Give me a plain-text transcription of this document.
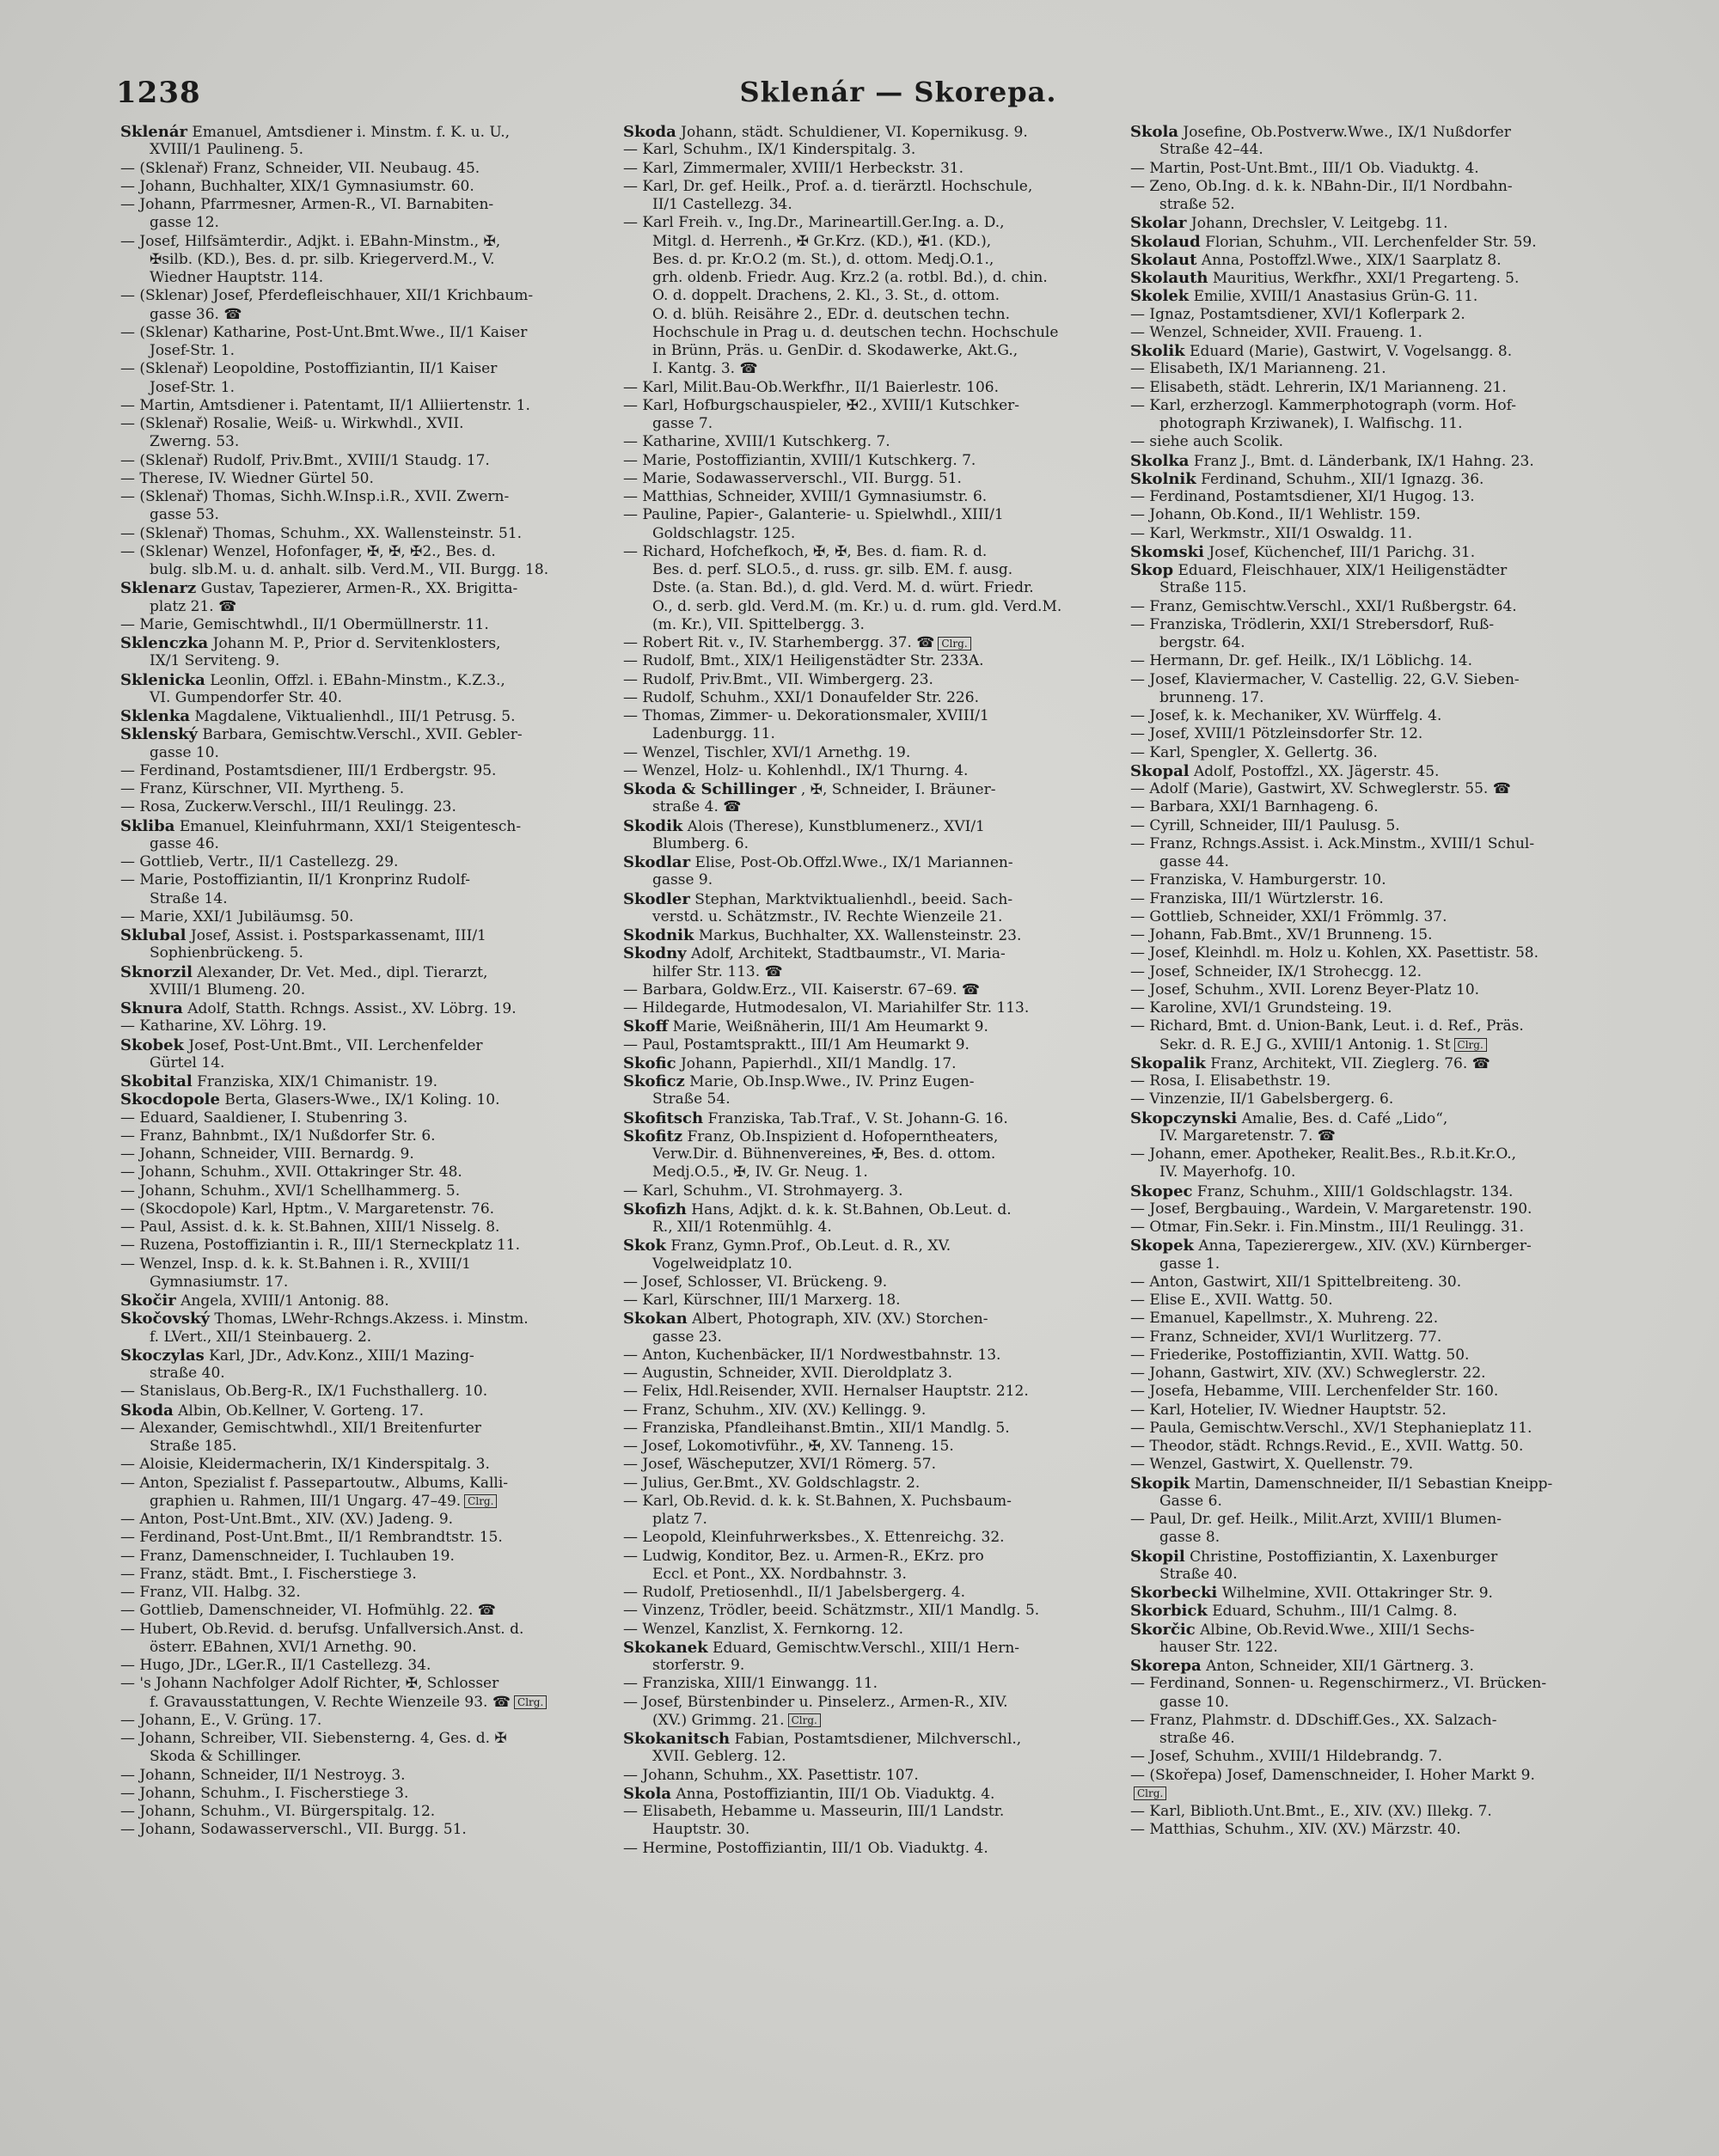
1238	Sklenár — Skorepa.
Sklenár Emanuel, Amtsdiener i. Minstm. f. K. u. U.,
XVIII/1 Paulineng. 5.
— (Sklenař) Franz, Schneider, VII. Neubaug. 45.
— Johann, Buchhalter, XIX/1 Gymnasiumstr. 60.
— Johann, Pfarrmesner, Armen-R., VI. Barnabiten-
gasse 12.
— Josef, Hilfsämterdir., Adjkt. i. EBahn-Minstm., ✠,
✠silb. (KD.), Bes. d. pr. silb. Kriegerverd.M., V.
Wiedner Hauptstr. 114.
— (Sklenar) Josef, Pferdefleischhauer, XII/1 Krichbaum-
gasse 36. ☎
— (Sklenar) Katharine, Post-Unt.Bmt.Wwe., II/1 Kaiser
Josef-Str. 1.
— (Sklenař) Leopoldine, Postoffiziantin, II/1 Kaiser
Josef-Str. 1.
— Martin, Amtsdiener i. Patentamt, II/1 Alliiertenstr. 1.
— (Sklenař) Rosalie, Weiß- u. Wirkwhdl., XVII.
Zwerng. 53.
— (Sklenař) Rudolf, Priv.Bmt., XVIII/1 Staudg. 17.
— Therese, IV. Wiedner Gürtel 50.
— (Sklenař) Thomas, Sichh.W.Insp.i.R., XVII. Zwern-
gasse 53.
— (Sklenař) Thomas, Schuhm., XX. Wallensteinstr. 51.
— (Sklenar) Wenzel, Hofonfager, ✠, ✠, ✠2., Bes. d.
bulg. slb.M. u. d. anhalt. silb. Verd.M., VII. Burgg. 18.
Sklenarz Gustav, Tapezierer, Armen-R., XX. Brigitta-
platz 21. ☎
— Marie, Gemischtwhdl., II/1 Obermüllnerstr. 11.
Sklenczka Johann M. P., Prior d. Servitenklosters,
IX/1 Servitеng. 9.
Sklenicka Leonlin, Offzl. i. EBahn-Minstm., K.Z.3.,
VI. Gumpendorfer Str. 40.
Sklenka Magdalene, Viktualienhdl., III/1 Petrusg. 5.
Sklenský Barbara, Gemischtw.Verschl., XVII. Gebler-
gasse 10.
— Ferdinand, Postamtsdiener, III/1 Erdbergstr. 95.
— Franz, Kürschner, VII. Myrtheng. 5.
— Rosa, Zuckerw.Verschl., III/1 Reulingg. 23.
Skliba Emanuel, Kleinfuhrmann, XXI/1 Steigentesch-
gasse 46.
— Gottlieb, Vertr., II/1 Castellezg. 29.
— Marie, Postoffiziantin, II/1 Kronprinz Rudolf-
Straße 14.
— Marie, XXI/1 Jubiläumsg. 50.
Sklubal Josef, Assist. i. Postsparkassenamt, III/1
Sophienbrückeng. 5.
Sknorzil Alexander, Dr. Vet. Med., dipl. Tierarzt,
XVIII/1 Blumeng. 20.
Sknura Adolf, Statth. Rchngs. Assist., XV. Löbrg. 19.
— Katharine, XV. Löhrg. 19.
Skobek Josef, Post-Unt.Bmt., VII. Lerchenfelder
Gürtel 14.
Skobital Franziska, XIX/1 Chimanistr. 19.
Skocdopole Berta, Glasers-Wwe., IX/1 Koling. 10.
— Eduard, Saaldiener, I. Stubenring 3.
— Franz, Bahnbmt., IX/1 Nußdorfer Str. 6.
— Johann, Schneider, VIII. Bernardg. 9.
— Johann, Schuhm., XVII. Ottakringer Str. 48.
— Johann, Schuhm., XVI/1 Schellhammerg. 5.
— (Skocdopole) Karl, Hptm., V. Margaretenstr. 76.
— Paul, Assist. d. k. k. St.Bahnen, XIII/1 Nisselg. 8.
— Ruzena, Postoffiziantin i. R., III/1 Sterneckplatz 11.
— Wenzel, Insp. d. k. k. St.Bahnen i. R., XVIII/1
Gymnasiumstr. 17.
Skočir Angela, XVIII/1 Antonig. 88.
Skočovský Thomas, LWehr-Rchngs.Akzess. i. Minstm.
f. LVert., XII/1 Steinbauerg. 2.
Skoczylas Karl, JDr., Adv.Konz., XIII/1 Mazing-
straße 40.
— Stanislaus, Ob.Berg-R., IX/1 Fuchsthallerg. 10.
Skoda Albin, Ob.Kellner, V. Gorteng. 17.
— Alexander, Gemischtwhdl., XII/1 Breitenfurter
Straße 185.
— Aloisie, Kleidermacherin, IX/1 Kinderspitalg. 3.
— Anton, Spezialist f. Passepartoutw., Albums, Kalli-
graphien u. Rahmen, III/1 Ungarg. 47–49. Clrg.
— Anton, Post-Unt.Bmt., XIV. (XV.) Jadeng. 9.
— Ferdinand, Post-Unt.Bmt., II/1 Rembrandtstr. 15.
— Franz, Damenschneider, I. Tuchlauben 19.
— Franz, städt. Bmt., I. Fischerstiege 3.
— Franz, VII. Halbg. 32.
— Gottlieb, Damenschneider, VI. Hofmühlg. 22. ☎
— Hubert, Ob.Revid. d. berufsg. Unfallversich.Anst. d.
österr. EBahnen, XVI/1 Arnethg. 90.
— Hugo, JDr., LGer.R., II/1 Castellezg. 34.
— 's Johann Nachfolger Adolf Richter, ✠, Schlosser
f. Gravausstattungen, V. Rechte Wienzeile 93. ☎ Clrg.
— Johann, E., V. Grüng. 17.
— Johann, Schreiber, VII. Siebensterng. 4, Ges. d. ✠
Skoda & Schillinger.
— Johann, Schneider, II/1 Nestroyg. 3.
— Johann, Schuhm., I. Fischerstiege 3.
— Johann, Schuhm., VI. Bürgerspitalg. 12.
— Johann, Sodawasserverschl., VII. Burgg. 51.
Skoda Johann, städt. Schuldiener, VI. Kopernikusg. 9.
— Karl, Schuhm., IX/1 Kinderspitalg. 3.
— Karl, Zimmermaler, XVIII/1 Herbeckstr. 31.
— Karl, Dr. gef. Heilk., Prof. a. d. tierärztl. Hochschule,
II/1 Castellezg. 34.
— Karl Freih. v., Ing.Dr., Marineartill.Ger.Ing. a. D.,
Mitgl. d. Herrenh., ✠ Gr.Krz. (KD.), ✠1. (KD.),
Bes. d. pr. Kr.O.2 (m. St.), d. ottom. Medj.O.1.,
grh. oldenb. Friedr. Aug. Krz.2 (a. rotbl. Bd.), d. chin.
O. d. doppelt. Drachens, 2. Kl., 3. St., d. ottom.
O. d. blüh. Reisähre 2., EDr. d. deutschen techn.
Hochschule in Prag u. d. deutschen techn. Hochschule
in Brünn, Präs. u. GenDir. d. Skodawerke, Akt.G.,
I. Kantg. 3. ☎
— Karl, Milit.Bau-Ob.Werkfhr., II/1 Baierlestr. 106.
— Karl, Hofburgschauspieler, ✠2., XVIII/1 Kutschker-
gasse 7.
— Katharine, XVIII/1 Kutschkerg. 7.
— Marie, Postoffiziantin, XVIII/1 Kutschkerg. 7.
— Marie, Sodawasserverschl., VII. Burgg. 51.
— Matthias, Schneider, XVIII/1 Gymnasiumstr. 6.
— Pauline, Papier-, Galanterie- u. Spielwhdl., XIII/1
Goldschlagstr. 125.
— Richard, Hofchefkoch, ✠, ✠, Bes. d. fiam. R. d.
Bes. d. perf. SLO.5., d. russ. gr. silb. EM. f. ausg.
Dste. (a. Stan. Bd.), d. gld. Verd. M. d. würt. Friedr.
O., d. serb. gld. Verd.M. (m. Kr.) u. d. rum. gld. Verd.M.
(m. Kr.), VII. Spittelbergg. 3.
— Robert Rit. v., IV. Starhembergg. 37. ☎ Clrg.
— Rudolf, Bmt., XIX/1 Heiligenstädter Str. 233A.
— Rudolf, Priv.Bmt., VII. Wimbergerg. 23.
— Rudolf, Schuhm., XXI/1 Donaufelder Str. 226.
— Thomas, Zimmer- u. Dekorationsmaler, XVIII/1
Ladenburgg. 11.
— Wenzel, Tischler, XVI/1 Arnethg. 19.
— Wenzel, Holz- u. Kohlenhdl., IX/1 Thurng. 4.
Skoda & Schillinger , ✠, Schneider, I. Bräuner-
straße 4. ☎
Skodik Alois (Therese), Kunstblumenerz., XVI/1
Blumberg. 6.
Skodlar Elise, Post-Ob.Offzl.Wwe., IX/1 Mariannen-
gasse 9.
Skodler Stephan, Marktviktualienhdl., beeid. Sach-
verstd. u. Schätzmstr., IV. Rechte Wienzeile 21.
Skodnik Markus, Buchhalter, XX. Wallensteinstr. 23.
Skodny Adolf, Architekt, Stadtbaumstr., VI. Maria-
hilfer Str. 113. ☎
— Barbara, Goldw.Erz., VII. Kaiserstr. 67–69. ☎
— Hildegarde, Hutmodesalon, VI. Mariahilfer Str. 113.
Skoff Marie, Weißnäherin, III/1 Am Heumarkt 9.
— Paul, Postamtspraktt., III/1 Am Heumarkt 9.
Skofic Johann, Papierhdl., XII/1 Mandlg. 17.
Skoficz Marie, Ob.Insp.Wwe., IV. Prinz Eugen-
Straße 54.
Skofitsch Franziska, Tab.Traf., V. St. Johann-G. 16.
Skofitz Franz, Ob.Inspizient d. Hofoperntheaters,
Verw.Dir. d. Bühnenvereines, ✠, Bes. d. ottom.
Medj.O.5., ✠, IV. Gr. Neug. 1.
— Karl, Schuhm., VI. Strohmayerg. 3.
Skofizh Hans, Adjkt. d. k. k. St.Bahnen, Ob.Leut. d.
R., XII/1 Rotenmühlg. 4.
Skok Franz, Gymn.Prof., Ob.Leut. d. R., XV.
Vogelweidplatz 10.
— Josef, Schlosser, VI. Brückeng. 9.
— Karl, Kürschner, III/1 Marxerg. 18.
Skokan Albert, Photograph, XIV. (XV.) Storchen-
gasse 23.
— Anton, Kuchenbäcker, II/1 Nordwestbahnstr. 13.
— Augustin, Schneider, XVII. Dieroldplatz 3.
— Felix, Hdl.Reisender, XVII. Hernalser Hauptstr. 212.
— Franz, Schuhm., XIV. (XV.) Kellingg. 9.
— Franziska, Pfandleihanst.Bmtin., XII/1 Mandlg. 5.
— Josef, Lokomotivführ., ✠, XV. Tanneng. 15.
— Josef, Wäscheputzer, XVI/1 Römerg. 57.
— Julius, Ger.Bmt., XV. Goldschlagstr. 2.
— Karl, Ob.Revid. d. k. k. St.Bahnen, X. Puchsbaum-
platz 7.
— Leopold, Kleinfuhrwerksbes., X. Ettenreichg. 32.
— Ludwig, Konditor, Bez. u. Armen-R., EKrz. pro
Eccl. et Pont., XX. Nordbahnstr. 3.
— Rudolf, Pretiosenhdl., II/1 Jabelsbergerg. 4.
— Vinzenz, Trödler, beeid. Schätzmstr., XII/1 Mandlg. 5.
— Wenzel, Kanzlist, X. Fernkorng. 12.
Skokanek Eduard, Gemischtw.Verschl., XIII/1 Hern-
storferstr. 9.
— Franziska, XIII/1 Einwangg. 11.
— Josef, Bürstenbinder u. Pinselerz., Armen-R., XIV.
(XV.) Grimmg. 21. Clrg.
Skokanitsch Fabian, Postamtsdiener, Milchverschl.,
XVII. Geblerg. 12.
— Johann, Schuhm., XX. Pasettistr. 107.
Skola Anna, Postoffiziantin, III/1 Ob. Viaduktg. 4.
— Elisabeth, Hebamme u. Masseurin, III/1 Landstr.
Hauptstr. 30.
— Hermine, Postoffiziantin, III/1 Ob. Viaduktg. 4.
Skola Josefine, Ob.Postverw.Wwe., IX/1 Nußdorfer
Straße 42–44.
— Martin, Post-Unt.Bmt., III/1 Ob. Viaduktg. 4.
— Zeno, Ob.Ing. d. k. k. NBahn-Dir., II/1 Nordbahn-
straße 52.
Skolar Johann, Drechsler, V. Leitgebg. 11.
Skolaud Florian, Schuhm., VII. Lerchenfelder Str. 59.
Skolaut Anna, Postoffzl.Wwe., XIX/1 Saarplatz 8.
Skolauth Mauritius, Werkfhr., XXI/1 Pregarteng. 5.
Skolek Emilie, XVIII/1 Anastasius Grün-G. 11.
— Ignaz, Postamtsdiener, XVI/1 Koflerpark 2.
— Wenzel, Schneider, XVII. Fraueng. 1.
Skolik Eduard (Marie), Gastwirt, V. Vogelsangg. 8.
— Elisabeth, IX/1 Marianneng. 21.
— Elisabeth, städt. Lehrerin, IX/1 Marianneng. 21.
— Karl, erzherzogl. Kammerphotograph (vorm. Hof-
photograph Krziwanek), I. Walfischg. 11.
— siehe auch Scolik.
Skolka Franz J., Bmt. d. Länderbank, IX/1 Hahng. 23.
Skolnik Ferdinand, Schuhm., XII/1 Ignazg. 36.
— Ferdinand, Postamtsdiener, XI/1 Hugog. 13.
— Johann, Ob.Kond., II/1 Wehlistr. 159.
— Karl, Werkmstr., XII/1 Oswaldg. 11.
Skomski Josef, Küchenchef, III/1 Parichg. 31.
Skop Eduard, Fleischhauer, XIX/1 Heiligenstädter
Straße 115.
— Franz, Gemischtw.Verschl., XXI/1 Rußbergstr. 64.
— Franziska, Trödlerin, XXI/1 Strebersdorf, Ruß-
bergstr. 64.
— Hermann, Dr. gef. Heilk., IX/1 Löblichg. 14.
— Josef, Klaviermacher, V. Castellig. 22, G.V. Sieben-
brunneng. 17.
— Josef, k. k. Mechaniker, XV. Würffelg. 4.
— Josef, XVIII/1 Pötzleinsdorfer Str. 12.
— Karl, Spengler, X. Gellertg. 36.
Skopal Adolf, Postoffzl., XX. Jägerstr. 45.
— Adolf (Marie), Gastwirt, XV. Schweglerstr. 55. ☎
— Barbara, XXI/1 Barnhageng. 6.
— Cyrill, Schneider, III/1 Paulusg. 5.
— Franz, Rchngs.Assist. i. Ack.Minstm., XVIII/1 Schul-
gasse 44.
— Franziska, V. Hamburgerstr. 10.
— Franziska, III/1 Würtzlerstr. 16.
— Gottlieb, Schneider, XXI/1 Frömmlg. 37.
— Johann, Fab.Bmt., XV/1 Brunneng. 15.
— Josef, Kleinhdl. m. Holz u. Kohlen, XX. Pasettistr. 58.
— Josef, Schneider, IX/1 Strohecgg. 12.
— Josef, Schuhm., XVII. Lorenz Beyer-Platz 10.
— Karoline, XVI/1 Grundsteing. 19.
— Richard, Bmt. d. Union-Bank, Leut. i. d. Ref., Präs.
Sekr. d. R. E.J G., XVIII/1 Antonig. 1. St Clrg.
Skopalik Franz, Architekt, VII. Zieglerg. 76. ☎
— Rosa, I. Elisabethstr. 19.
— Vinzenzie, II/1 Gabelsbergerg. 6.
Skopczynski Amalie, Bes. d. Café „Lido“,
IV. Margaretenstr. 7. ☎
— Johann, emer. Apotheker, Realit.Bes., R.b.it.Kr.O.,
IV. Mayerhofg. 10.
Skopec Franz, Schuhm., XIII/1 Goldschlagstr. 134.
— Josef, Bergbauing., Wardein, V. Margaretenstr. 190.
— Otmar, Fin.Sekr. i. Fin.Minstm., III/1 Reulingg. 31.
Skopek Anna, Tapezierergew., XIV. (XV.) Kürnberger-
gasse 1.
— Anton, Gastwirt, XII/1 Spittelbreiteng. 30.
— Elise E., XVII. Wattg. 50.
— Emanuel, Kapellmstr., X. Muhreng. 22.
— Franz, Schneider, XVI/1 Wurlitzerg. 77.
— Friederike, Postoffiziantin, XVII. Wattg. 50.
— Johann, Gastwirt, XIV. (XV.) Schweglerstr. 22.
— Josefa, Hebamme, VIII. Lerchenfelder Str. 160.
— Karl, Hotelier, IV. Wiedner Hauptstr. 52.
— Paula, Gemischtw.Verschl., XV/1 Stephanieplatz 11.
— Theodor, städt. Rchngs.Revid., E., XVII. Wattg. 50.
— Wenzel, Gastwirt, X. Quellenstr. 79.
Skopik Martin, Damenschneider, II/1 Sebastian Kneipp-
Gasse 6.
— Paul, Dr. gef. Heilk., Milit.Arzt, XVIII/1 Blumen-
gasse 8.
Skopil Christine, Postoffiziantin, X. Laxenburger
Straße 40.
Skorbecki Wilhelmine, XVII. Ottakringer Str. 9.
Skorbick Eduard, Schuhm., III/1 Calmg. 8.
Skorčic Albine, Ob.Revid.Wwe., XIII/1 Sechs-
hauser Str. 122.
Skorepa Anton, Schneider, XII/1 Gärtnerg. 3.
— Ferdinand, Sonnen- u. Regenschirmerz., VI. Brücken-
gasse 10.
— Franz, Plahmstr. d. DDschiff.Ges., XX. Salzach-
straße 46.
— Josef, Schuhm., XVIII/1 Hildebrandg. 7.
— (Skořepa) Josef, Damenschneider, I. Hoher Markt 9.
Clrg.
— Karl, Biblioth.Unt.Bmt., E., XIV. (XV.) Illekg. 7.
— Matthias, Schuhm., XIV. (XV.) Märzstr. 40.
